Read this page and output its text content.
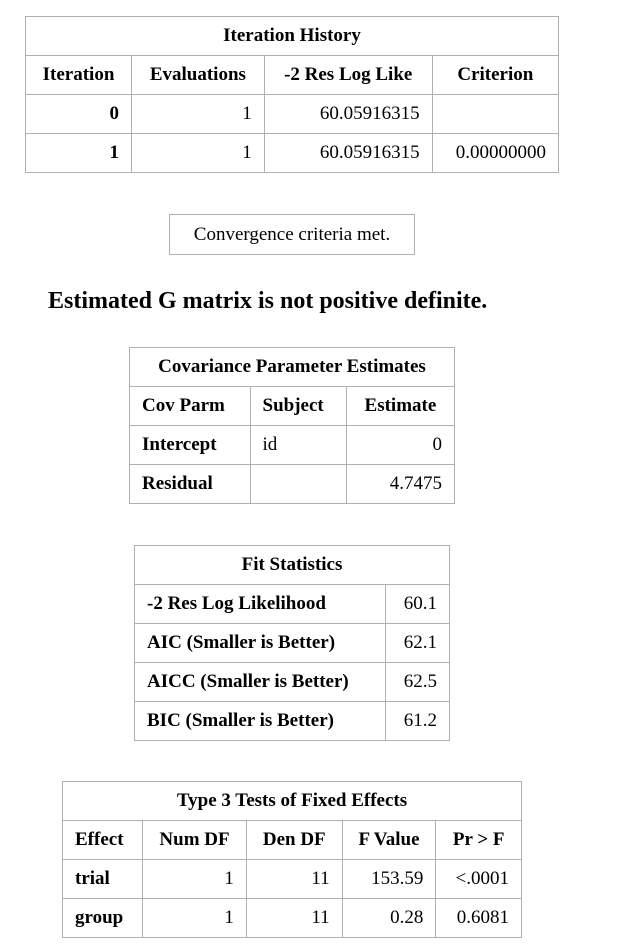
Iteration History			
Iteration	Evaluations	-2 Res Log Like	Criterion
0	1	60.05916315	
1	1	60.05916315	0.00000000
Convergence criteria met.
Estimated G matrix is not positive definite.
Covariance Parameter Estimates		
Cov Parm	Subject	Estimate
Intercept	id	0
Residual		4.7475
Fit Statistics	
-2 Res Log Likelihood	60.1
AIC (Smaller is Better)	62.1
AICC (Smaller is Better)	62.5
BIC (Smaller is Better)	61.2
Type 3 Tests of Fixed Effects				
Effect	Num DF	Den DF	F Value	Pr > F
trial	1	11	153.59	<.0001
group	1	11	0.28	0.6081
